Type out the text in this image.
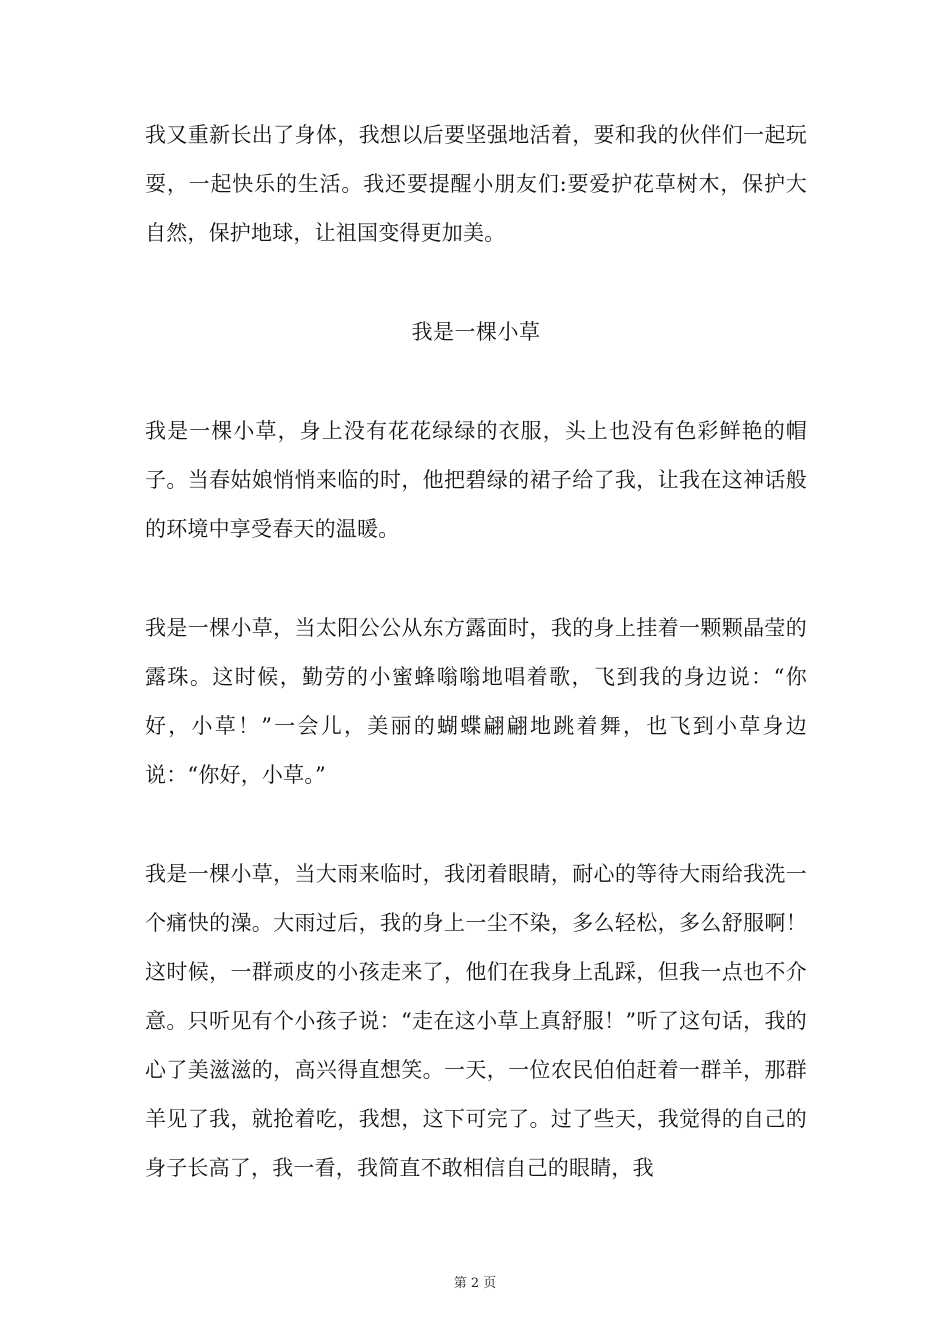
我又重新长出了身体，我想以后要坚强地活着，要和我的伙伴们一起玩耍，一起快乐的生活。我还要提醒小朋友们:要爱护花草树木，保护大自然，保护地球，让祖国变得更加美。

我是一棵小草

我是一棵小草，身上没有花花绿绿的衣服，头上也没有色彩鲜艳的帽子。当春姑娘悄悄来临的时，他把碧绿的裙子给了我，让我在这神话般的环境中享受春天的温暖。

我是一棵小草，当太阳公公从东方露面时，我的身上挂着一颗颗晶莹的露珠。这时候，勤劳的小蜜蜂嗡嗡地唱着歌，飞到我的身边说：“你好，小草！”一会儿，美丽的蝴蝶翩翩地跳着舞，也飞到小草身边说：“你好，小草。”

我是一棵小草，当大雨来临时，我闭着眼睛，耐心的等待大雨给我洗一个痛快的澡。大雨过后，我的身上一尘不染，多么轻松，多么舒服啊！这时候，一群顽皮的小孩走来了，他们在我身上乱踩，但我一点也不介意。只听见有个小孩子说：“走在这小草上真舒服！”听了这句话，我的心了美滋滋的，高兴得直想笑。一天，一位农民伯伯赶着一群羊，那群羊见了我，就抢着吃，我想，这下可完了。过了些天，我觉得的自己的身子长高了，我一看，我简直不敢相信自己的眼睛，我

第 2 页
